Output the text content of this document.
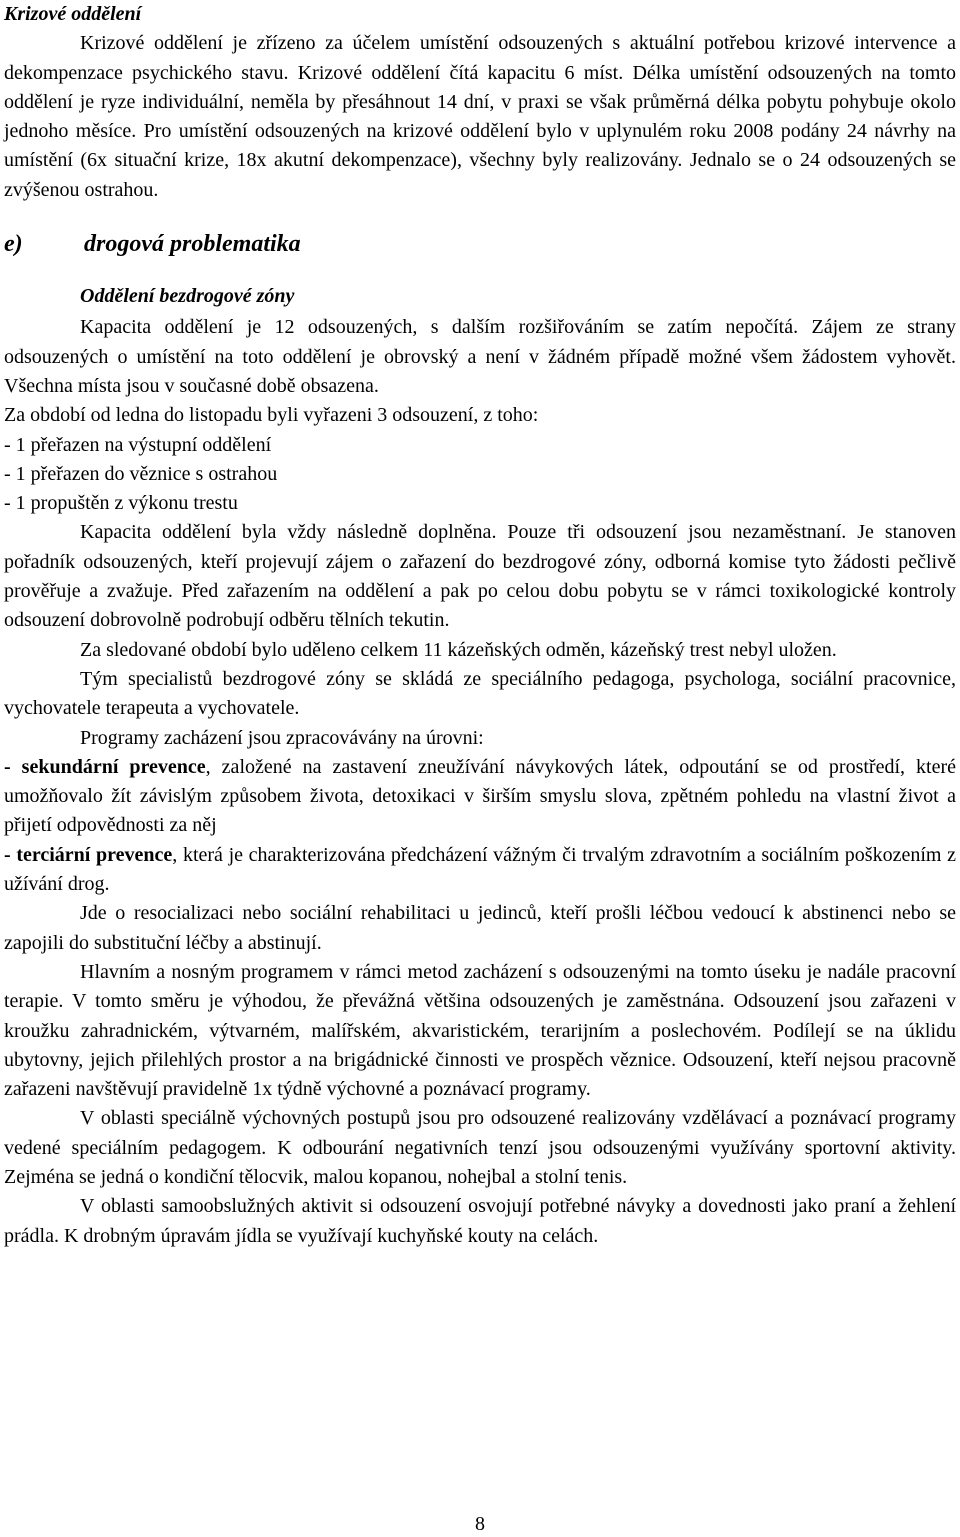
Krizové oddělení

Krizové oddělení je zřízeno za účelem umístění odsouzených s aktuální potřebou krizové intervence a dekompenzace psychického stavu. Krizové oddělení čítá kapacitu 6 míst. Délka umístění odsouzených na tomto oddělení je ryze individuální, neměla by přesáhnout 14 dní, v praxi se však průměrná délka pobytu pohybuje okolo jednoho měsíce. Pro umístění odsouzených na krizové oddělení bylo v uplynulém roku 2008 podány 24 návrhy na umístění (6x situační krize, 18x akutní dekompenzace), všechny byly realizovány. Jednalo se o 24 odsouzených se zvýšenou ostrahou.

e)	drogová problematika
Oddělení bezdrogové zóny

Kapacita oddělení je 12 odsouzených, s dalším rozšiřováním se zatím nepočítá. Zájem ze strany odsouzených o umístění na toto oddělení je obrovský a není v žádném případě možné všem žádostem vyhovět. Všechna místa jsou v současné době obsazena.

Za období od ledna do listopadu byli vyřazeni 3 odsouzení, z toho:

- 1 přeřazen na výstupní oddělení
- 1 přeřazen do věznice s ostrahou
- 1 propuštěn z výkonu trestu

Kapacita oddělení byla vždy následně doplněna. Pouze tři odsouzení jsou nezaměstnaní. Je stanoven pořadník odsouzených, kteří projevují zájem o zařazení do bezdrogové zóny, odborná komise tyto žádosti pečlivě prověřuje a zvažuje. Před zařazením na oddělení a pak po celou dobu pobytu se v rámci toxikologické kontroly odsouzení dobrovolně podrobují odběru tělních tekutin.

Za sledované období bylo uděleno celkem 11 kázeňských odměn, kázeňský trest nebyl uložen.

Tým specialistů bezdrogové zóny se skládá ze speciálního pedagoga, psychologa, sociální pracovnice, vychovatele terapeuta a vychovatele.

Programy zacházení jsou zpracovávány na úrovni:

- sekundární prevence, založené na zastavení zneužívání návykových látek, odpoutání se od prostředí, které umožňovalo žít závislým způsobem života, detoxikaci v širším smyslu slova, zpětném pohledu na vlastní život a přijetí odpovědnosti za něj

- terciární prevence, která je charakterizována předcházení vážným či trvalým zdravotním a sociálním poškozením z užívání drog.

Jde o resocializaci nebo sociální rehabilitaci u jedinců, kteří prošli léčbou vedoucí k abstinenci nebo se zapojili do substituční léčby a abstinují.

Hlavním a nosným programem v rámci metod zacházení s odsouzenými na tomto úseku je nadále pracovní terapie. V tomto směru je výhodou, že převážná většina odsouzených je zaměstnána. Odsouzení jsou zařazeni v kroužku zahradnickém, výtvarném, malířském, akvaristickém, terarijním a poslechovém. Podílejí se na úklidu ubytovny, jejich přilehlých prostor a na brigádnické činnosti ve prospěch věznice. Odsouzení, kteří nejsou pracovně zařazeni navštěvují pravidelně 1x týdně výchovné a poznávací programy.

V oblasti speciálně výchovných postupů jsou pro odsouzené realizovány vzdělávací a poznávací programy vedené speciálním pedagogem. K odbourání negativních tenzí jsou odsouzenými využívány sportovní aktivity. Zejména se jedná o kondiční tělocvik, malou kopanou, nohejbal a stolní tenis.

V oblasti samoobslužných aktivit si odsouzení osvojují potřebné návyky a dovednosti jako praní a žehlení prádla. K drobným úpravám jídla se využívají kuchyňské kouty na celách.

8
